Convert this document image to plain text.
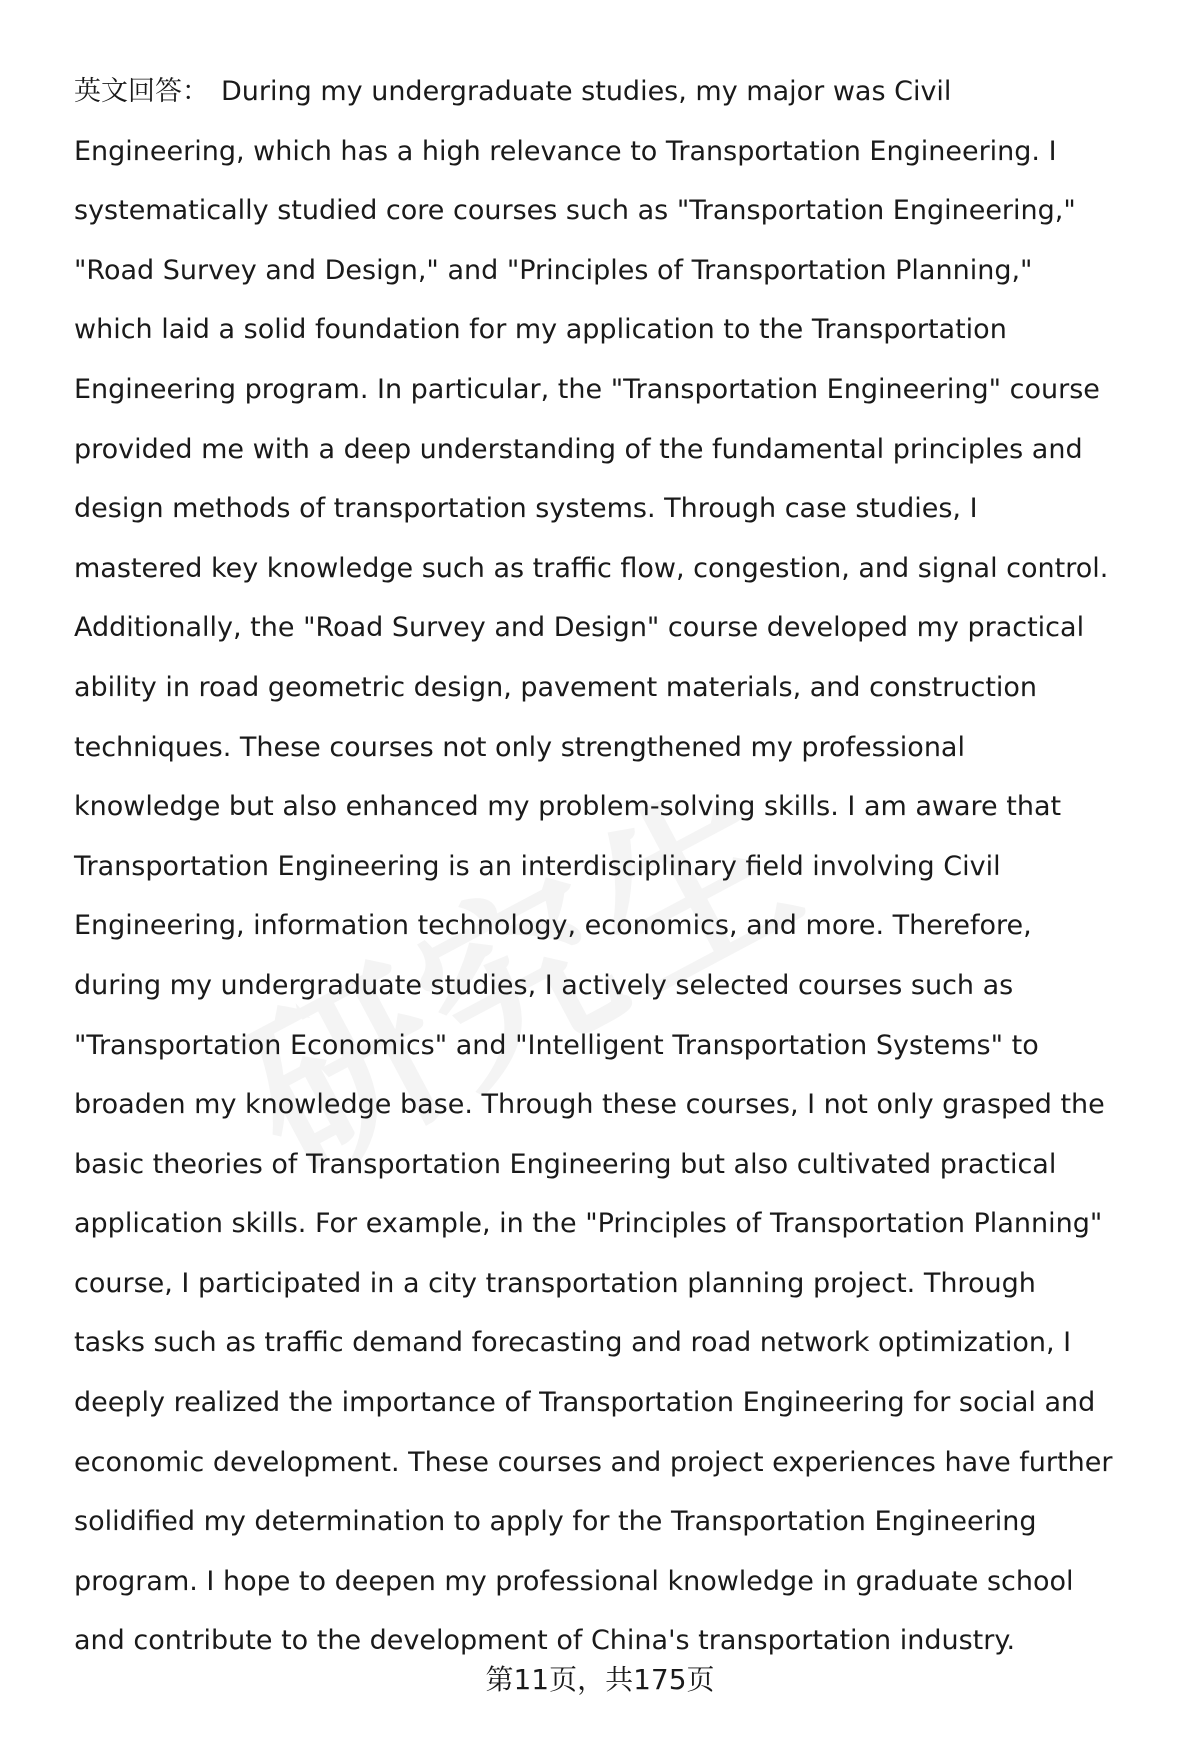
英文回答： During my undergraduate studies, my major was Civil
Engineering, which has a high relevance to Transportation Engineering. I
systematically studied core courses such as "Transportation Engineering,"
"Road Survey and Design," and "Principles of Transportation Planning,"
which laid a solid foundation for my application to the Transportation
Engineering program. In particular, the "Transportation Engineering" course
provided me with a deep understanding of the fundamental principles and
design methods of transportation systems. Through case studies, I
mastered key knowledge such as traffic flow, congestion, and signal control.
Additionally, the "Road Survey and Design" course developed my practical
ability in road geometric design, pavement materials, and construction
techniques. These courses not only strengthened my professional
knowledge but also enhanced my problem-solving skills. I am aware that
Transportation Engineering is an interdisciplinary field involving Civil
Engineering, information technology, economics, and more. Therefore,
during my undergraduate studies, I actively selected courses such as
"Transportation Economics" and "Intelligent Transportation Systems" to
broaden my knowledge base. Through these courses, I not only grasped the
basic theories of Transportation Engineering but also cultivated practical
application skills. For example, in the "Principles of Transportation Planning"
course, I participated in a city transportation planning project. Through
tasks such as traffic demand forecasting and road network optimization, I
deeply realized the importance of Transportation Engineering for social and
economic development. These courses and project experiences have further
solidified my determination to apply for the Transportation Engineering
program. I hope to deepen my professional knowledge in graduate school
and contribute to the development of China's transportation industry.
第11页，共175页
